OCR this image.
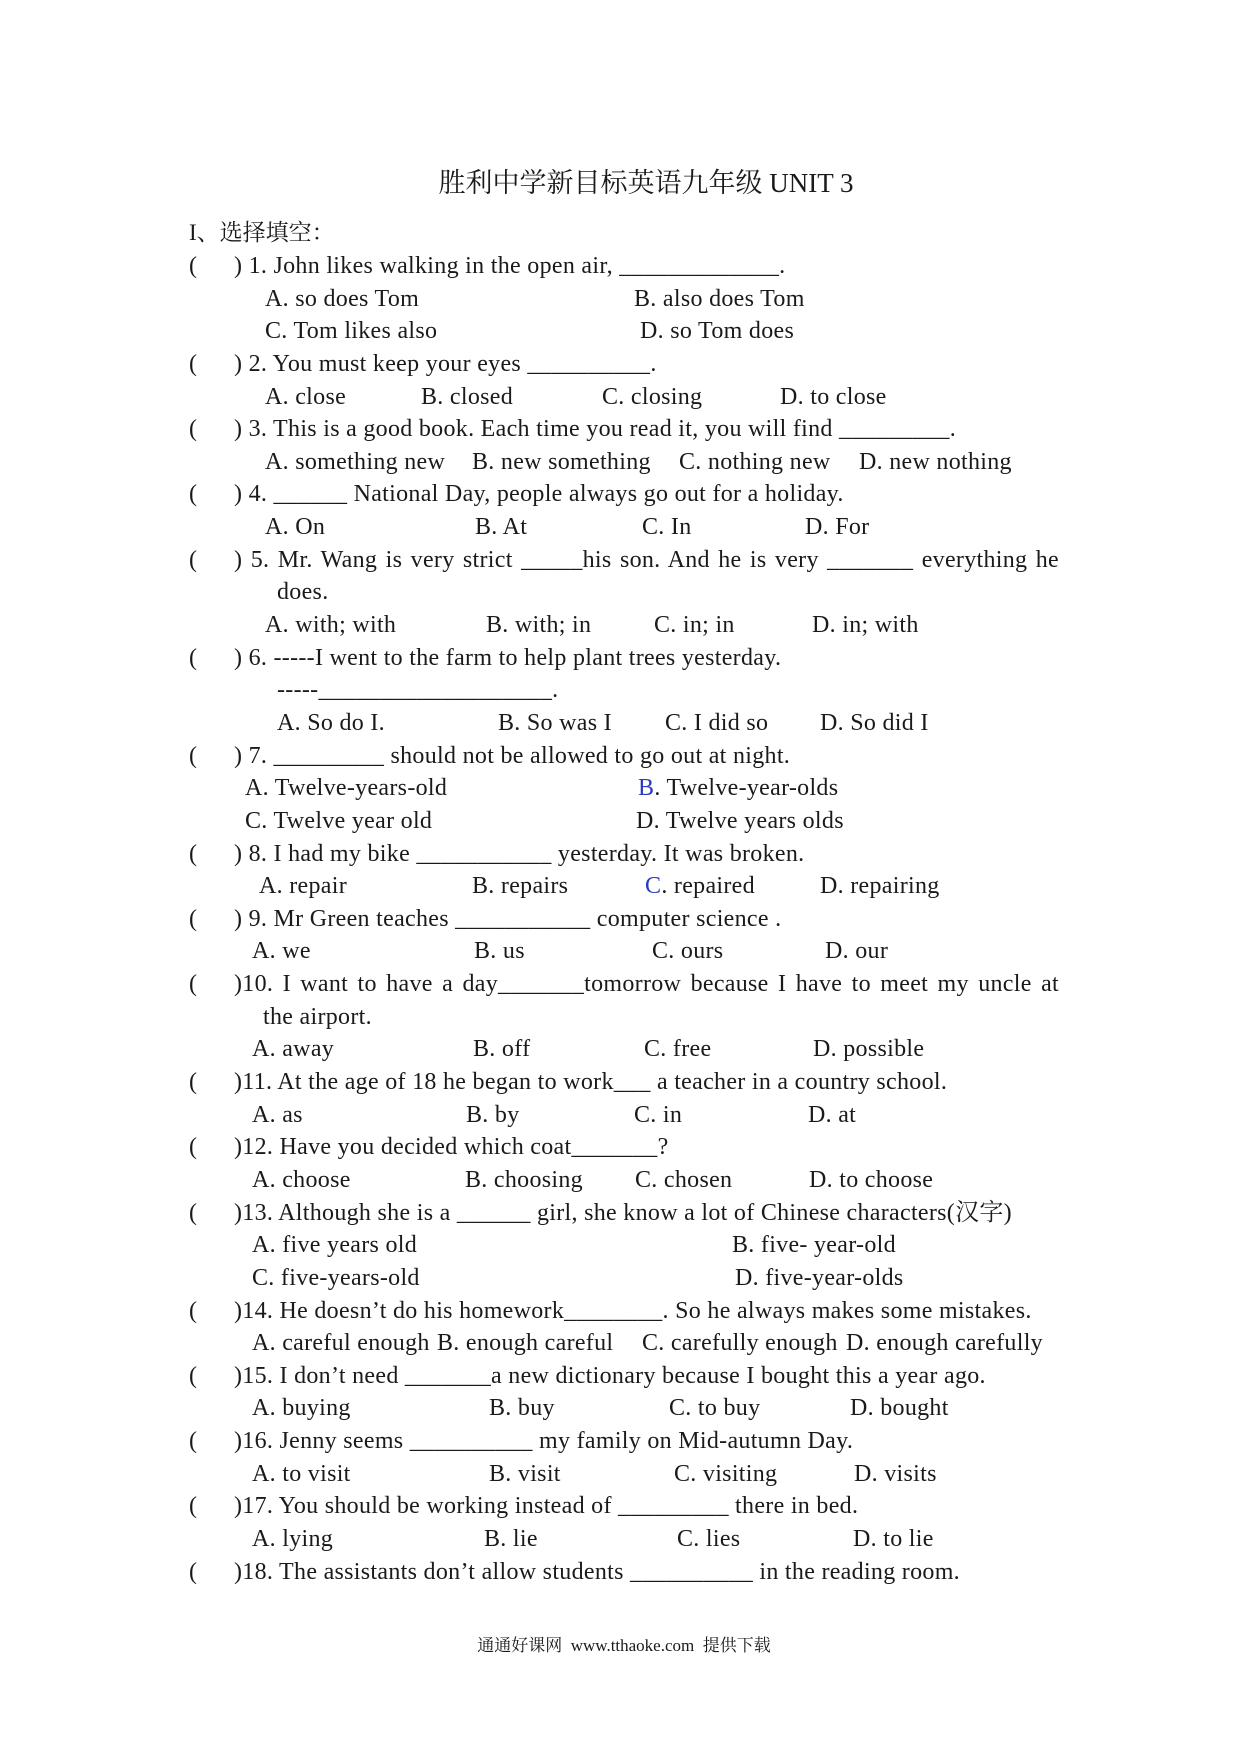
胜利中学新目标英语九年级 UNIT 3
I、选择填空：
( ) 1. John likes walking in the open air, _____________.
A. so does Tom	B. also does Tom
C. Tom likes also	D. so Tom does
( ) 2. You must keep your eyes __________.
A. close	B. closed	C. closing	D. to close
( ) 3. This is a good book. Each time you read it, you will find _________.
A. something new B. new something C. nothing new D. new nothing
( ) 4. ______ National Day, people always go out for a holiday.
A. On	B. At	C. In	D. For
( ) 5. Mr. Wang is very strict _____his son. And he is very _______ everything he
does.
A. with; with	B. with; in	C. in; in	D. in; with
( ) 6. -----I went to the farm to help plant trees yesterday.
-----___________________.
A. So do I.	B. So was I C. I did so D. So did I
( ) 7. _________ should not be allowed to go out at night.
A. Twelve-years-old	B. Twelve-year-olds
C. Twelve year old	D. Twelve years olds
( ) 8. I had my bike ___________ yesterday. It was broken.
A. repair	B. repairs	C. repaired	D. repairing
( ) 9. Mr Green teaches ___________ computer science .
A. we	B. us	C. ours	D. our
( )10. I want to have a day_______tomorrow because I have to meet my uncle at
the airport.
A. away	B. off	C. free	D. possible
( )11. At the age of 18 he began to work___ a teacher in a country school.
A. as	B. by	C. in	D. at
( )12. Have you decided which coat_______?
A. choose	B. choosing C. chosen	D. to choose
( )13. Although she is a ______ girl, she know a lot of Chinese characters(汉字)
A. five years old	B. five- year-old
C. five-years-old	D. five-year-olds
( )14. He doesn’t do his homework________. So he always makes some mistakes.
A. careful enough B. enough careful C. carefully enough D. enough carefully
( )15. I don’t need _______a new dictionary because I bought this a year ago.
A. buying	B. buy	C. to buy	D. bought
( )16. Jenny seems __________ my family on Mid-autumn Day.
A. to visit	B. visit	C. visiting	D. visits
( )17. You should be working instead of _________ there in bed.
A. lying	B. lie	C. lies	D. to lie
( )18. The assistants don’t allow students __________ in the reading room.
通通好课网  www.tthaoke.com  提供下载
